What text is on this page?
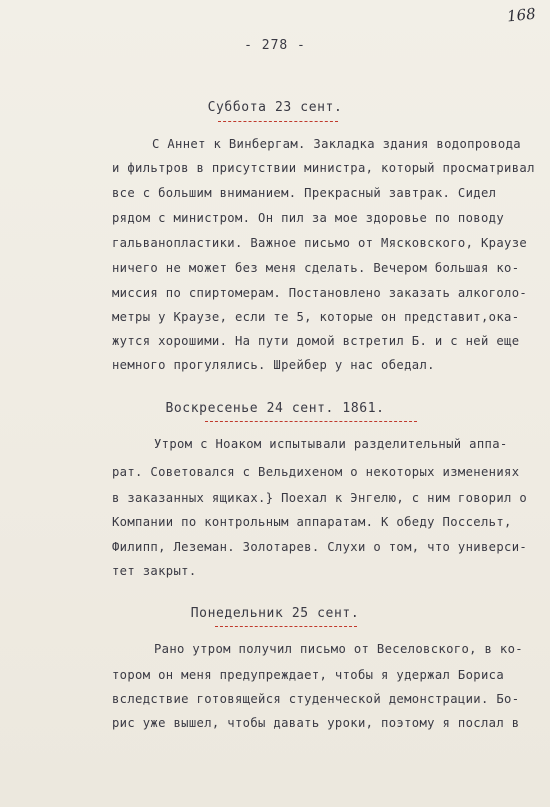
168
- 278 -
Суббота 23 сент.
С Аннет к Винбергам. Закладка здания водопровода
и фильтров в присутствии министра, который просматривал
все с большим вниманием. Прекрасный завтрак. Сидел
рядом с министром. Он пил за мое здоровье по поводу
гальванопластики. Важное письмо от Мясковского, Краузе
ничего не может без меня сделать. Вечером большая ко-
миссия по спиртомерам. Постановлено заказать алкоголо-
метры у Краузе, если те 5, которые он представит,ока-
жутся хорошими. На пути домой встретил Б. и с ней еще
немного прогулялись. Шрейбер у нас обедал.
Воскресенье 24 сент. 1861.
Утром с Ноаком испытывали разделительный аппа-
рат. Советовался с Вельдихеном о некоторых изменениях
в заказанных ящиках.} Поехал к Энгелю, с ним говорил о
Компании по контрольным аппаратам. К обеду Поссельт,
Филипп, Леземан. Золотарев. Слухи о том, что универси-
тет закрыт.
Понедельник 25 сент.
Рано утром получил письмо от Веселовского, в ко-
тором он меня предупреждает, чтобы я удержал Бориса
вследствие готовящейся студенческой демонстрации. Бо-
рис уже вышел, чтобы давать уроки, поэтому я послал в
